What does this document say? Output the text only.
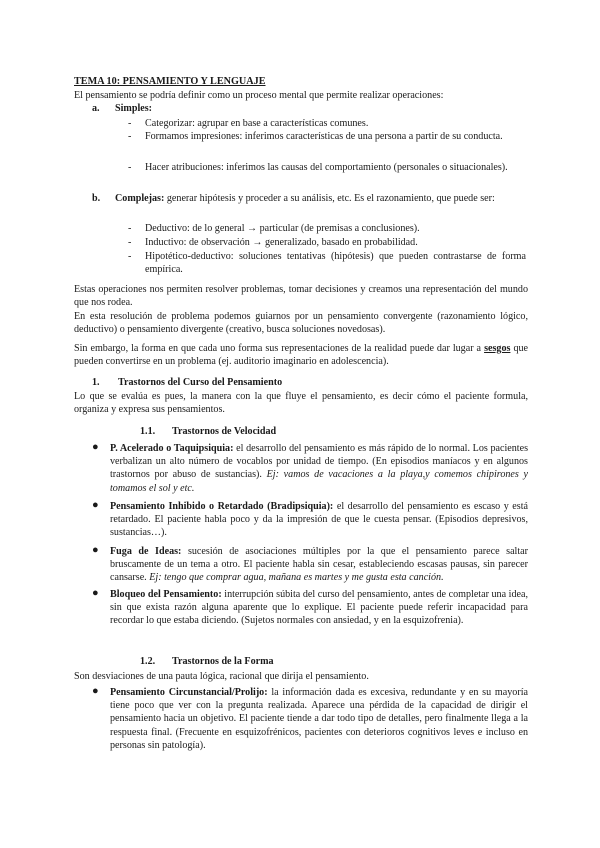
TEMA 10: PENSAMIENTO Y LENGUAJE

El pensamiento se podría definir como un proceso mental que permite realizar operaciones:

a. Simples:
- Categorizar: agrupar en base a características comunes.

- Formamos impresiones: inferimos características de una persona a partir de su conducta.

- Hacer atribuciones: inferimos las causas del comportamiento (personales o situacionales).

b. Complejas: generar hipótesis y proceder a su análisis, etc. Es el razonamiento, que puede ser:

- Deductivo: de lo general → particular (de premisas a conclusiones).

- Inductivo: de observación → generalizado, basado en probabilidad.

- Hipotético-deductivo: soluciones tentativas (hipótesis) que pueden contrastarse de forma empírica.

Estas operaciones nos permiten resolver problemas, tomar decisiones y creamos una representación del mundo que nos rodea.

En esta resolución de problema podemos guiarnos por un pensamiento convergente (razonamiento lógico, deductivo) o pensamiento divergente (creativo, busca soluciones novedosas).

Sin embargo, la forma en que cada uno forma sus representaciones de la realidad puede dar lugar a sesgos que pueden convertirse en un problema (ej. auditorio imaginario en adolescencia).

1. Trastornos del Curso del Pensamiento

Lo que se evalúa es pues, la manera con la que fluye el pensamiento, es decir cómo el paciente formula, organiza y expresa sus pensamientos.

1.1. Trastornos de Velocidad
● P. Acelerado o Taquipsiquia: el desarrollo del pensamiento es más rápido de lo normal. Los pacientes verbalizan un alto número de vocablos por unidad de tiempo. (En episodios maníacos y en algunos trastornos por abuso de sustancias). Ej: vamos de vacaciones a la playa,y comemos chipirones y tomamos el sol y etc.

● Pensamiento Inhibido o Retardado (Bradipsiquia): el desarrollo del pensamiento es escaso y está retardado. El paciente habla poco y da la impresión de que le cuesta pensar. (Episodios depresivos, sustancias…).

● Fuga de Ideas: sucesión de asociaciones múltiples por la que el pensamiento parece saltar bruscamente de un tema a otro. El paciente habla sin cesar, estableciendo escasas pausas, sin parecer cansarse. Ej: tengo que comprar agua, mañana es martes y me gusta esta canción.

● Bloqueo del Pensamiento: interrupción súbita del curso del pensamiento, antes de completar una idea, sin que exista razón alguna aparente que lo explique. El paciente puede referir incapacidad para recordar lo que estaba diciendo. (Sujetos normales con ansiedad, y en la esquizofrenia).

1.2. Trastornos de la Forma

Son desviaciones de una pauta lógica, racional que dirija el pensamiento.

● Pensamiento Circunstancial/Prolijo: la información dada es excesiva, redundante y en su mayoría tiene poco que ver con la pregunta realizada. Aparece una pérdida de la capacidad de dirigir el pensamiento hacia un objetivo. El paciente tiende a dar todo tipo de detalles, pero finalmente llega a la respuesta final. (Frecuente en esquizofrénicos, pacientes con deterioros cognitivos leves e incluso en personas sin patología).
